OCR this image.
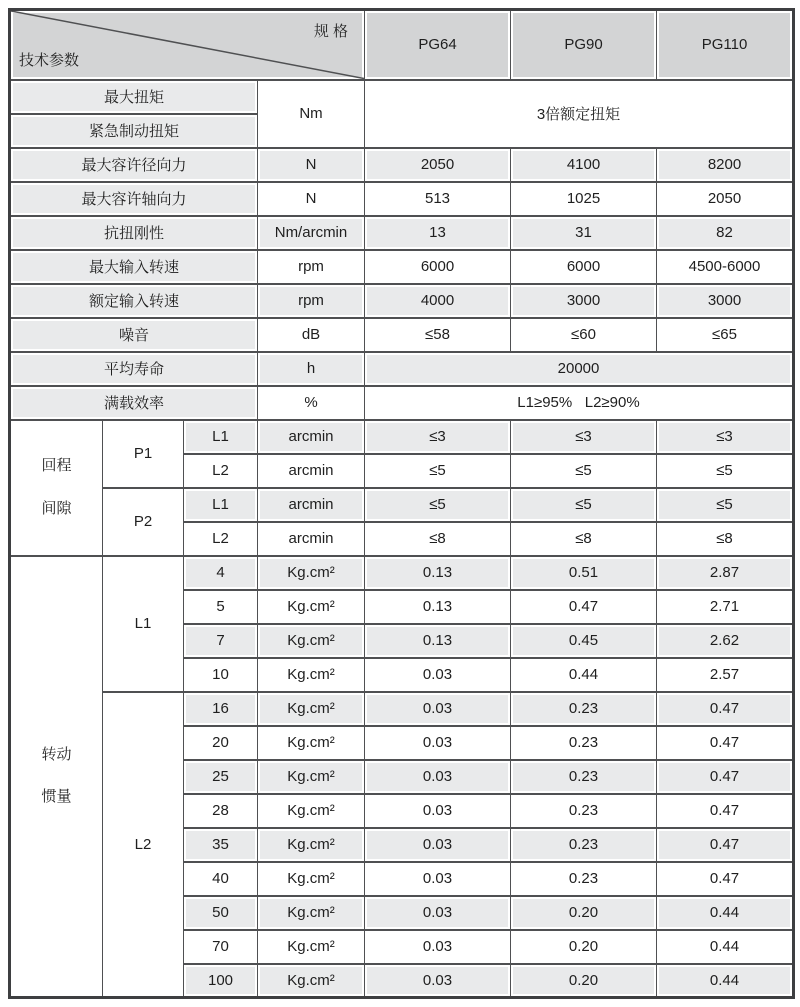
规 格
技术参数				PG64	PG90	PG110
最大扭矩			Nm	3倍额定扭矩		
紧急制动扭矩						
最大容许径向力			N	2050	4100	8200
最大容许轴向力			N	513	1025	2050
抗扭刚性			Nm/arcmin	13	31	82
最大输入转速			rpm	6000	6000	4500-6000
额定输入转速			rpm	4000	3000	3000
噪音			dB	≤58	≤60	≤65
平均寿命			h	20000		
满载效率			%	L1≥95%   L2≥90%		

回程
间隙	P1	L1	arcmin	≤3	≤3	≤3
		L2	arcmin	≤5	≤5	≤5
	P2	L1	arcmin	≤5	≤5	≤5
		L2	arcmin	≤8	≤8	≤8

转动
惯量	L1	4	Kg.cm²	0.13	0.51	2.87
		5	Kg.cm²	0.13	0.47	2.71
		7	Kg.cm²	0.13	0.45	2.62
		10	Kg.cm²	0.03	0.44	2.57
	L2	16	Kg.cm²	0.03	0.23	0.47
		20	Kg.cm²	0.03	0.23	0.47
		25	Kg.cm²	0.03	0.23	0.47
		28	Kg.cm²	0.03	0.23	0.47
		35	Kg.cm²	0.03	0.23	0.47
		40	Kg.cm²	0.03	0.23	0.47
		50	Kg.cm²	0.03	0.20	0.44
		70	Kg.cm²	0.03	0.20	0.44
		100	Kg.cm²	0.03	0.20	0.44
